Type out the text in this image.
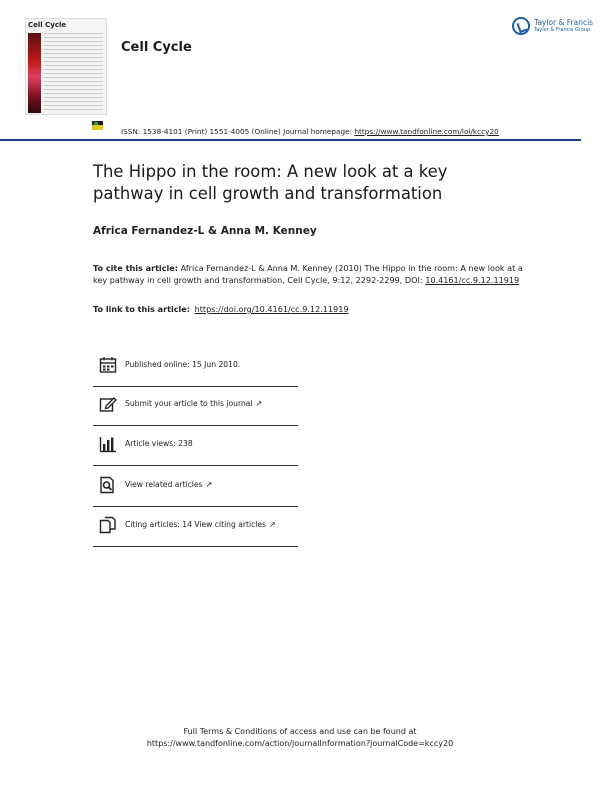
Cell Cycle
Cell Cycle
Taylor & Francis
Taylor & Francis Group
ISSN: 1538-4101 (Print) 1551-4005 (Online) Journal homepage: https://www.tandfonline.com/loi/kccy20
The Hippo in the room: A new look at a key pathway in cell growth and transformation
Africa Fernandez-L & Anna M. Kenney
To cite this article: Africa Fernandez-L & Anna M. Kenney (2010) The Hippo in the room: A new look at a key pathway in cell growth and transformation, Cell Cycle, 9:12, 2292-2299, DOI: 10.4161/cc.9.12.11919
To link to this article: https://doi.org/10.4161/cc.9.12.11919
Published online: 15 Jun 2010.
Submit your article to this journal ↗
Article views: 238
View related articles ↗
Citing articles: 14 View citing articles ↗
Full Terms & Conditions of access and use can be found at
https://www.tandfonline.com/action/journalInformation?journalCode=kccy20
